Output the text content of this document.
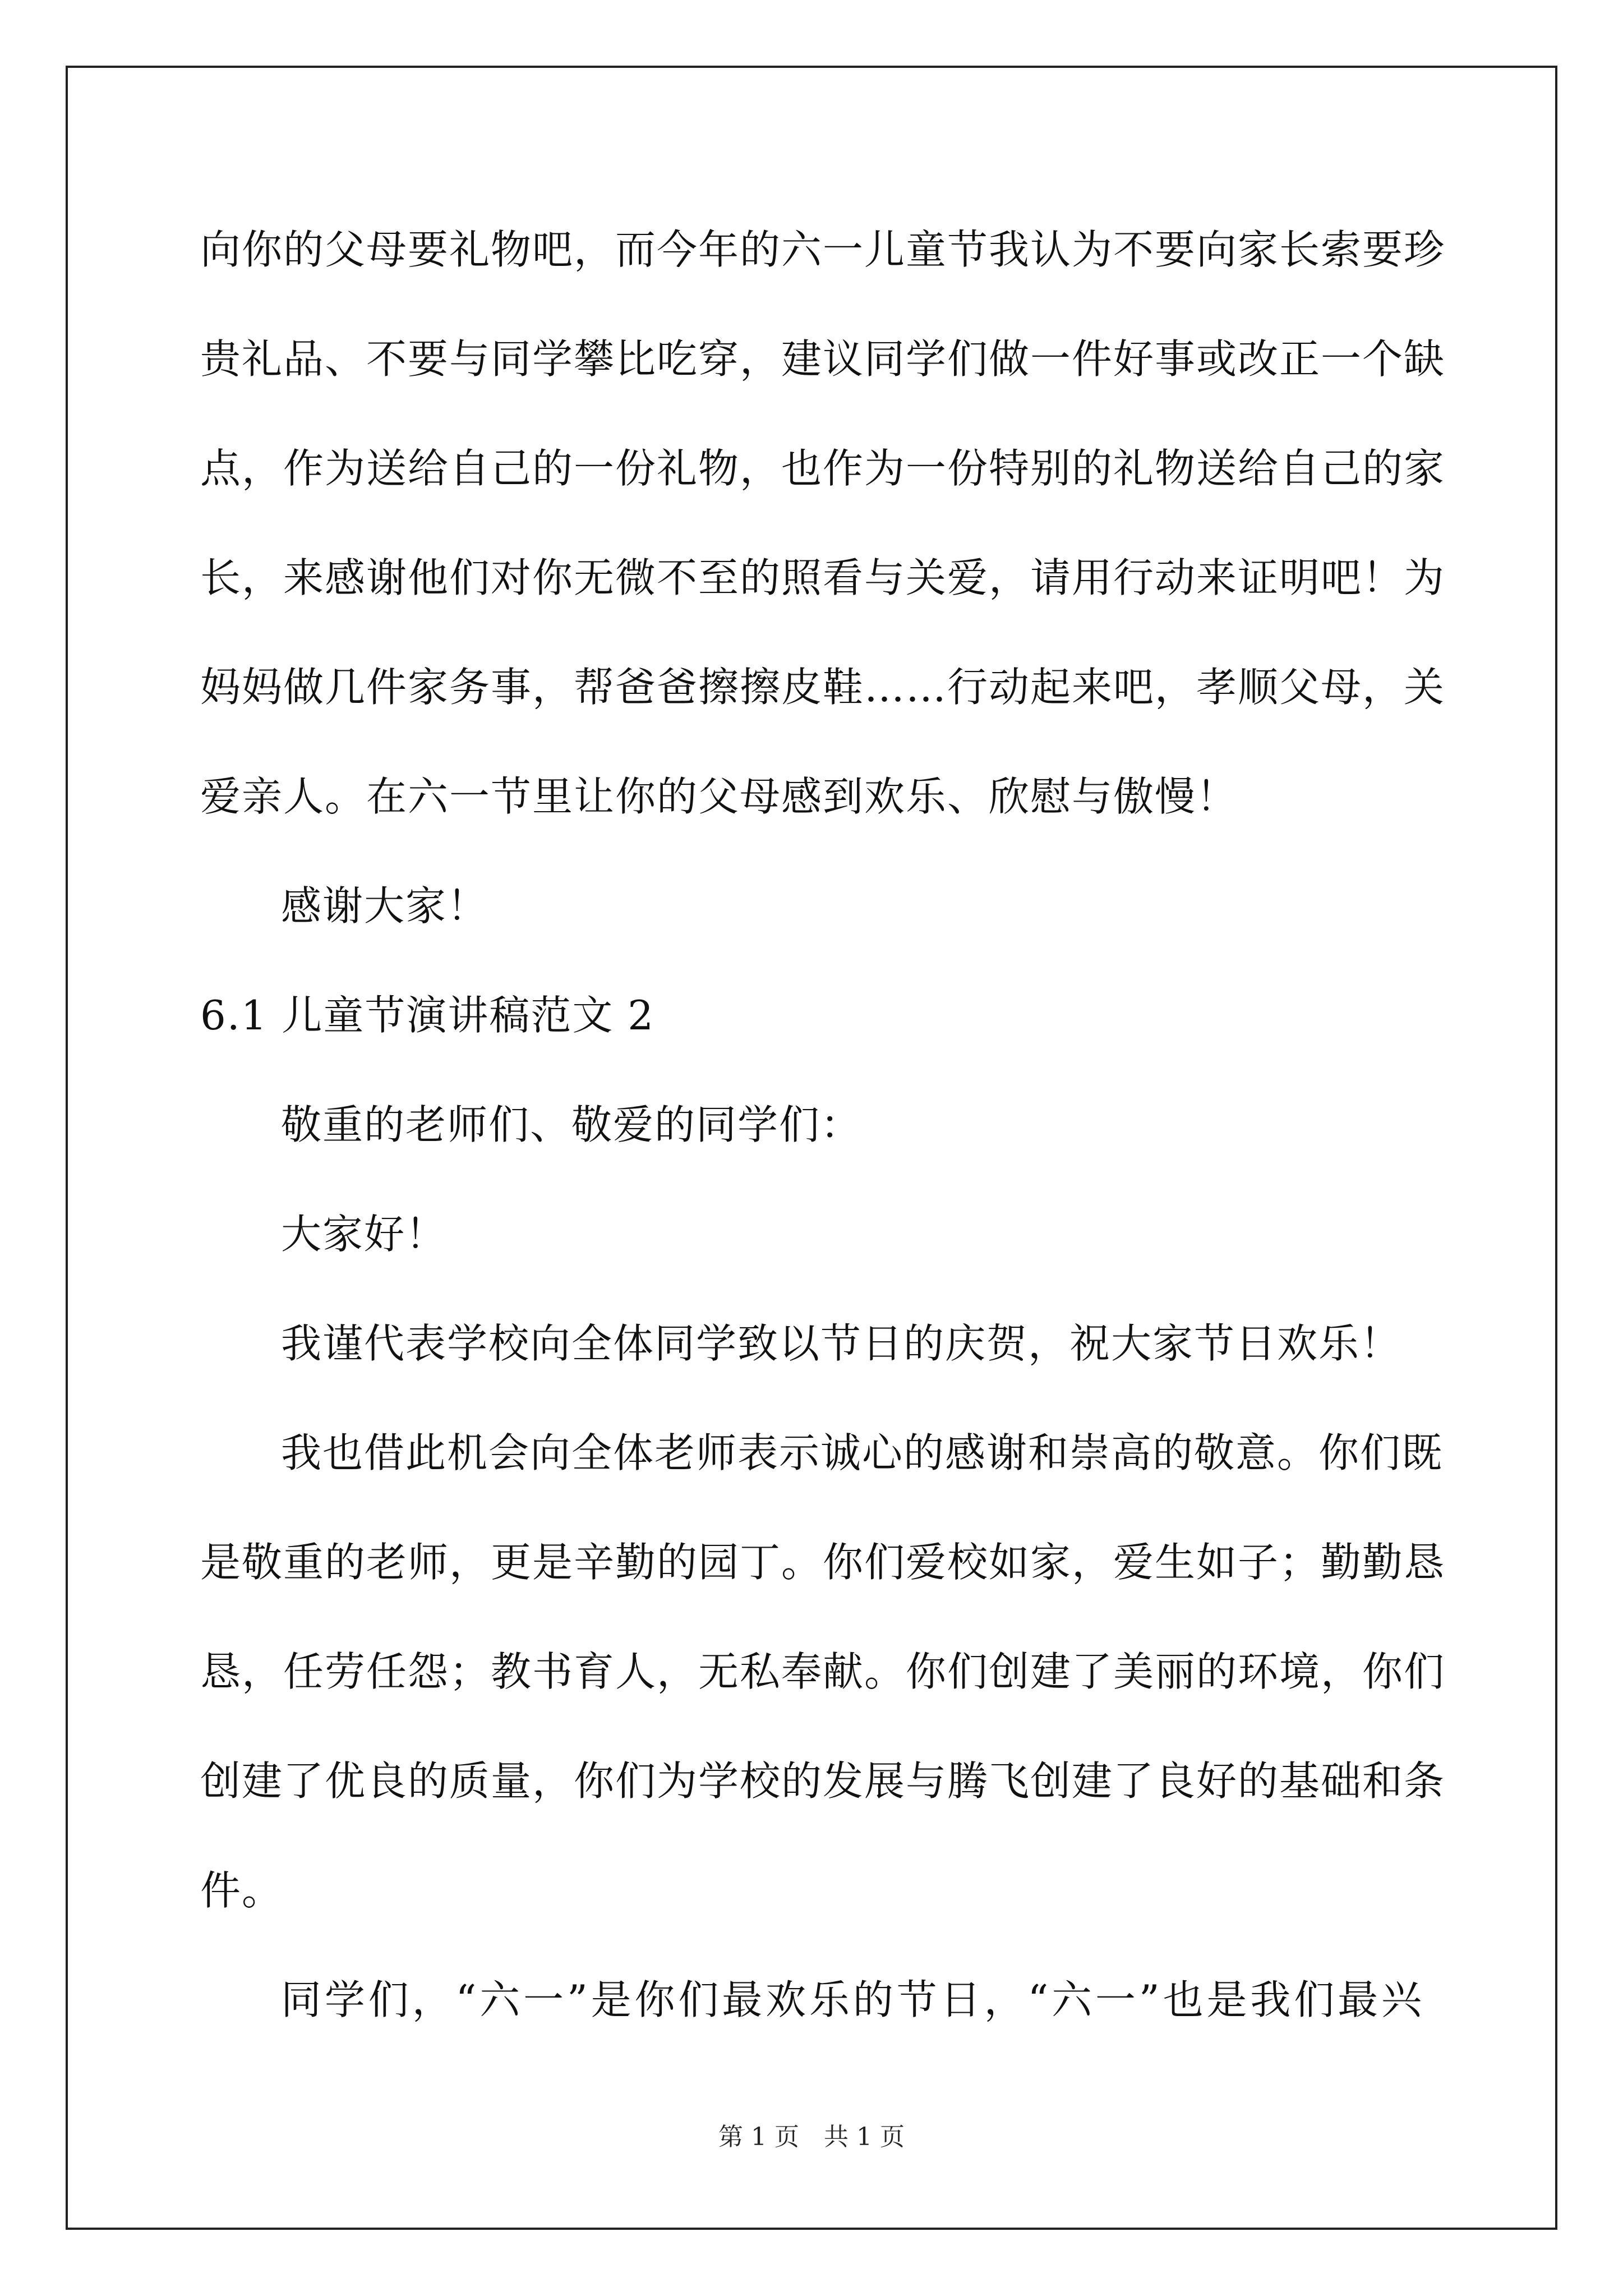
向你的父母要礼物吧，而今年的六一儿童节我认为不要向家长索要珍
贵礼品、不要与同学攀比吃穿，建议同学们做一件好事或改正一个缺
点，作为送给自己的一份礼物，也作为一份特别的礼物送给自己的家
长，来感谢他们对你无微不至的照看与关爱，请用行动来证明吧！为
妈妈做几件家务事，帮爸爸擦擦皮鞋……行动起来吧，孝顺父母，关
爱亲人。在六一节里让你的父母感到欢乐、欣慰与傲慢！
感谢大家！
6.1 儿童节演讲稿范文 2
敬重的老师们、敬爱的同学们：
大家好！
我谨代表学校向全体同学致以节日的庆贺，祝大家节日欢乐！
我也借此机会向全体老师表示诚心的感谢和崇高的敬意。你们既
是敬重的老师，更是辛勤的园丁。你们爱校如家，爱生如子；勤勤恳
恳，任劳任怨；教书育人，无私奉献。你们创建了美丽的环境，你们
创建了优良的质量，你们为学校的发展与腾飞创建了良好的基础和条
件。
同学们，“六一”是你们最欢乐的节日，“六一”也是我们最兴
第 1 页　共 1 页
